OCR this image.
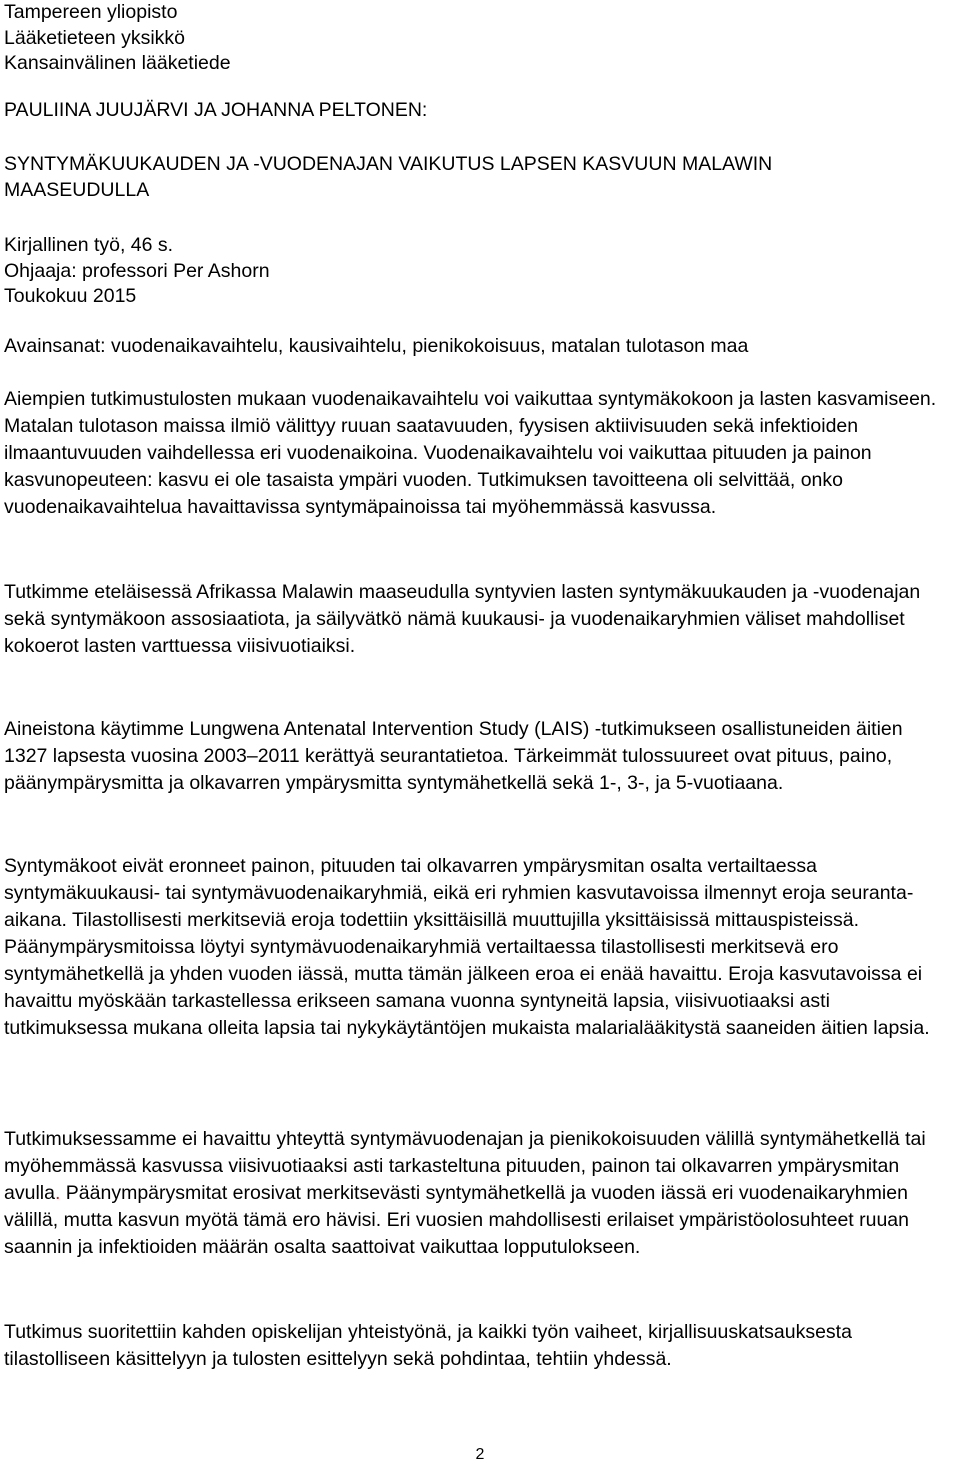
Tampereen yliopisto

Lääketieteen yksikkö

Kansainvälinen lääketiede

PAULIINA JUUJÄRVI JA JOHANNA PELTONEN:

SYNTYMÄKUUKAUDEN JA -VUODENAJAN VAIKUTUS LAPSEN KASVUUN MALAWIN

MAASEUDULLA

Kirjallinen työ, 46 s.

Ohjaaja: professori Per Ashorn

Toukokuu 2015

Avainsanat: vuodenaikavaihtelu, kausivaihtelu, pienikokoisuus, matalan tulotason maa

Aiempien tutkimustulosten mukaan vuodenaikavaihtelu voi vaikuttaa syntymäkokoon ja lasten kasvamiseen. Matalan tulotason maissa ilmiö välittyy ruuan saatavuuden, fyysisen aktiivisuuden sekä infektioiden ilmaantuvuuden vaihdellessa eri vuodenaikoina. Vuodenaikavaihtelu voi vaikuttaa pituuden ja painon kasvunopeuteen: kasvu ei ole tasaista ympäri vuoden. Tutkimuksen tavoitteena oli selvittää, onko vuodenaikavaihtelua havaittavissa syntymäpainoissa tai myöhemmässä kasvussa.

Tutkimme eteläisessä Afrikassa Malawin maaseudulla syntyvien lasten syntymäkuukauden ja -vuodenajan sekä syntymäkoon assosiaatiota, ja säilyvätkö nämä kuukausi- ja vuodenaikaryhmien väliset mahdolliset kokoerot lasten varttuessa viisivuotiaiksi.

Aineistona käytimme Lungwena Antenatal Intervention Study (LAIS) -tutkimukseen osallistuneiden äitien 1327 lapsesta vuosina 2003–2011 kerättyä seurantatietoa. Tärkeimmät tulossuureet ovat pituus, paino, päänympärysmitta ja olkavarren ympärysmitta syntymähetkellä sekä 1-, 3-, ja 5-vuotiaana.

Syntymäkoot eivät eronneet painon, pituuden tai olkavarren ympärysmitan osalta vertailtaessa syntymäkuukausi- tai syntymävuodenaikaryhmiä, eikä eri ryhmien kasvutavoissa ilmennyt eroja seuranta-aikana. Tilastollisesti merkitseviä eroja todettiin yksittäisillä muuttujilla yksittäisissä mittauspisteissä. Päänympärysmitoissa löytyi syntymävuodenaikaryhmiä vertailtaessa tilastollisesti merkitsevä ero syntymähetkellä ja yhden vuoden iässä, mutta tämän jälkeen eroa ei enää havaittu. Eroja kasvutavoissa ei havaittu myöskään tarkastellessa erikseen samana vuonna syntyneitä lapsia, viisivuotiaaksi asti tutkimuksessa mukana olleita lapsia tai nykykäytäntöjen mukaista malarialääkitystä saaneiden äitien lapsia.

Tutkimuksessamme ei havaittu yhteyttä syntymävuodenajan ja pienikokoisuuden välillä syntymähetkellä tai myöhemmässä kasvussa viisivuotiaaksi asti tarkasteltuna pituuden, painon tai olkavarren ympärysmitan avulla. Päänympärysmitat erosivat merkitsevästi syntymähetkellä ja vuoden iässä eri vuodenaikaryhmien välillä, mutta kasvun myötä tämä ero hävisi. Eri vuosien mahdollisesti erilaiset ympäristöolosuhteet ruuan saannin ja infektioiden määrän osalta saattoivat vaikuttaa lopputulokseen.

Tutkimus suoritettiin kahden opiskelijan yhteistyönä, ja kaikki työn vaiheet, kirjallisuuskatsauksesta tilastolliseen käsittelyyn ja tulosten esittelyyn sekä pohdintaa, tehtiin yhdessä.

2
